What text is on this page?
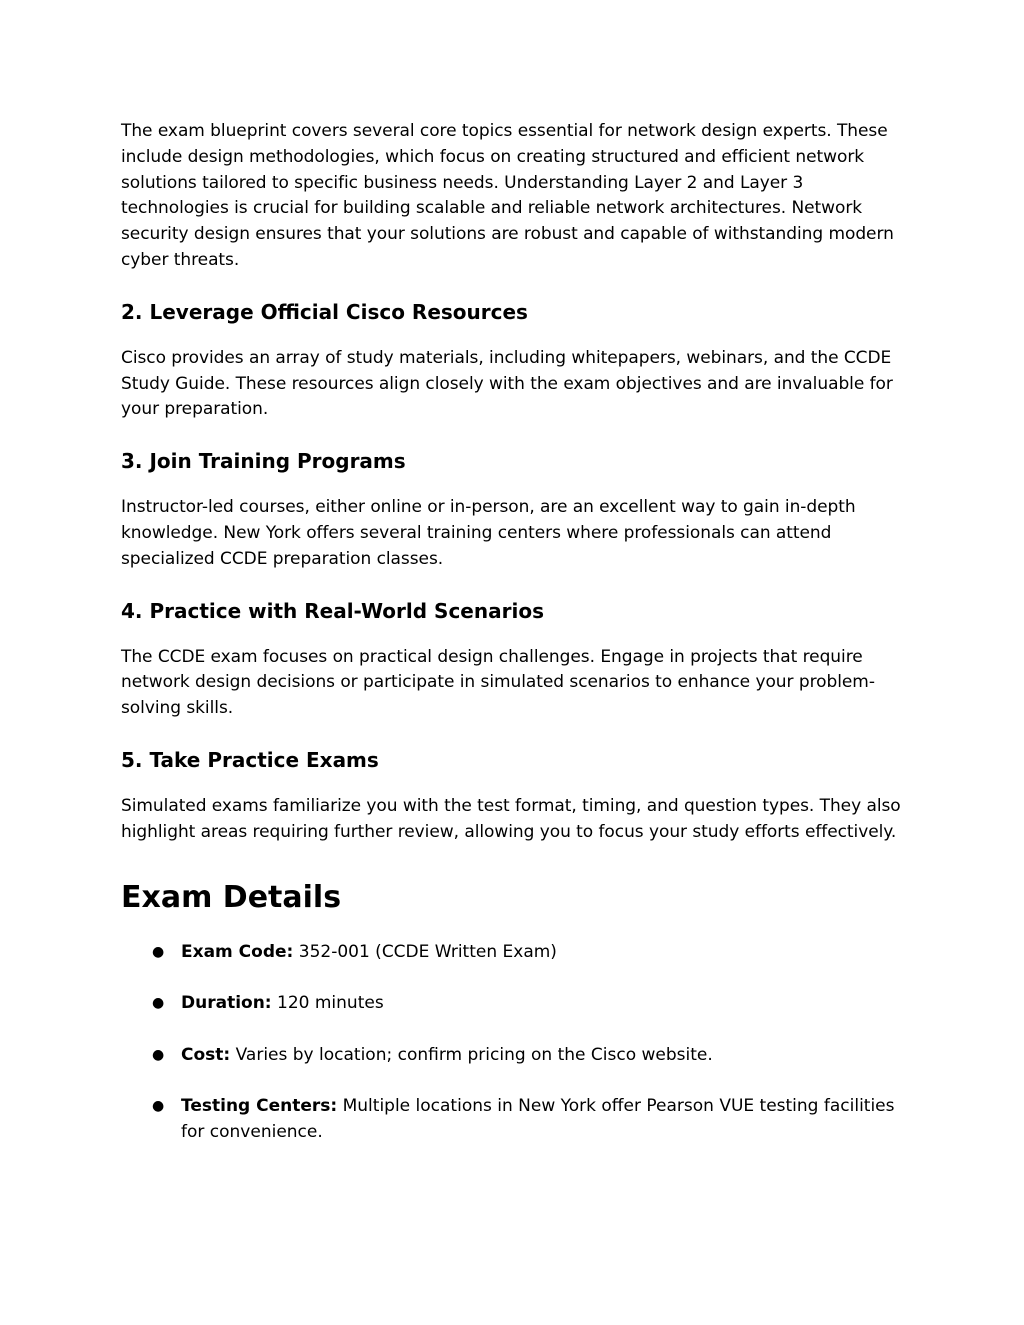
The exam blueprint covers several core topics essential for network design experts. These include design methodologies, which focus on creating structured and efficient network solutions tailored to specific business needs. Understanding Layer 2 and Layer 3 technologies is crucial for building scalable and reliable network architectures. Network security design ensures that your solutions are robust and capable of withstanding modern cyber threats.

2. Leverage Official Cisco Resources

Cisco provides an array of study materials, including whitepapers, webinars, and the CCDE Study Guide. These resources align closely with the exam objectives and are invaluable for your preparation.

3. Join Training Programs

Instructor-led courses, either online or in-person, are an excellent way to gain in-depth knowledge. New York offers several training centers where professionals can attend specialized CCDE preparation classes.

4. Practice with Real-World Scenarios

The CCDE exam focuses on practical design challenges. Engage in projects that require network design decisions or participate in simulated scenarios to enhance your problem-solving skills.

5. Take Practice Exams

Simulated exams familiarize you with the test format, timing, and question types. They also highlight areas requiring further review, allowing you to focus your study efforts effectively.

Exam Details
● Exam Code: 352-001 (CCDE Written Exam)
● Duration: 120 minutes
● Cost: Varies by location; confirm pricing on the Cisco website.
● Testing Centers: Multiple locations in New York offer Pearson VUE testing facilities for convenience.
